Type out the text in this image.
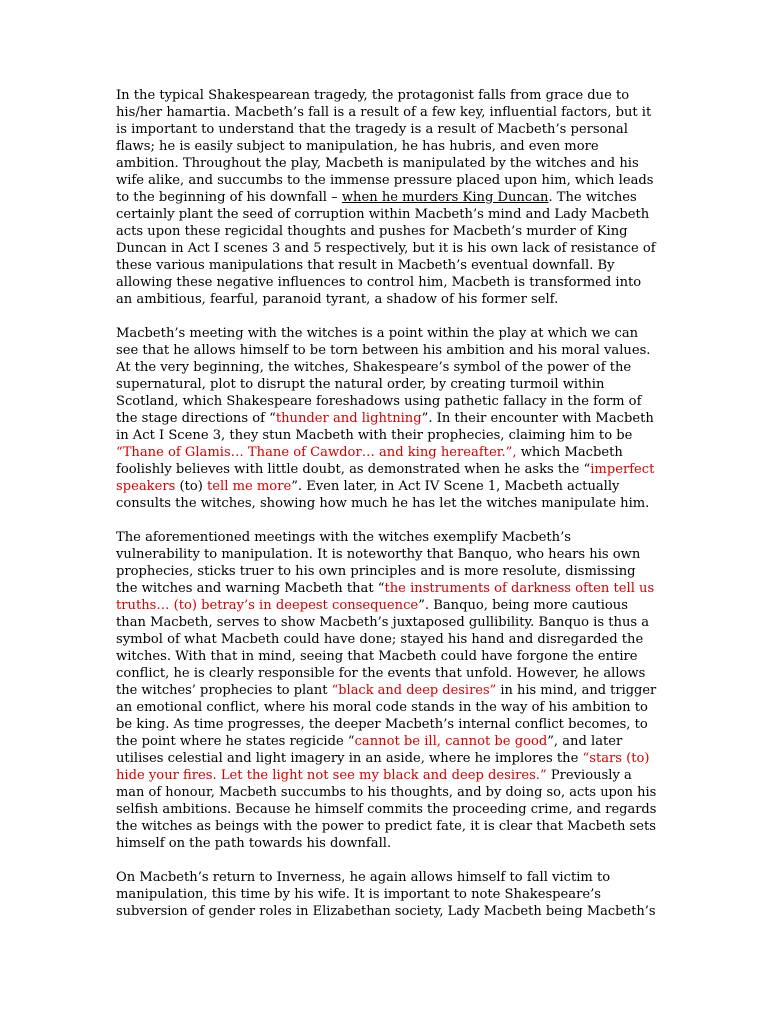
In the typical Shakespearean tragedy, the protagonist falls from grace due to
his/her hamartia. Macbeth’s fall is a result of a few key, influential factors, but it
is important to understand that the tragedy is a result of Macbeth’s personal
flaws; he is easily subject to manipulation, he has hubris, and even more
ambition. Throughout the play, Macbeth is manipulated by the witches and his
wife alike, and succumbs to the immense pressure placed upon him, which leads
to the beginning of his downfall – when he murders King Duncan. The witches
certainly plant the seed of corruption within Macbeth’s mind and Lady Macbeth
acts upon these regicidal thoughts and pushes for Macbeth’s murder of King
Duncan in Act I scenes 3 and 5 respectively, but it is his own lack of resistance of
these various manipulations that result in Macbeth’s eventual downfall. By
allowing these negative influences to control him, Macbeth is transformed into
an ambitious, fearful, paranoid tyrant, a shadow of his former self.
Macbeth’s meeting with the witches is a point within the play at which we can
see that he allows himself to be torn between his ambition and his moral values.
At the very beginning, the witches, Shakespeare’s symbol of the power of the
supernatural, plot to disrupt the natural order, by creating turmoil within
Scotland, which Shakespeare foreshadows using pathetic fallacy in the form of
the stage directions of “thunder and lightning”. In their encounter with Macbeth
in Act I Scene 3, they stun Macbeth with their prophecies, claiming him to be
“Thane of Glamis… Thane of Cawdor… and king hereafter.”, which Macbeth
foolishly believes with little doubt, as demonstrated when he asks the “imperfect
speakers (to) tell me more”. Even later, in Act IV Scene 1, Macbeth actually
consults the witches, showing how much he has let the witches manipulate him.
The aforementioned meetings with the witches exemplify Macbeth’s
vulnerability to manipulation. It is noteworthy that Banquo, who hears his own
prophecies, sticks truer to his own principles and is more resolute, dismissing
the witches and warning Macbeth that “the instruments of darkness often tell us
truths… (to) betray’s in deepest consequence”. Banquo, being more cautious
than Macbeth, serves to show Macbeth’s juxtaposed gullibility. Banquo is thus a
symbol of what Macbeth could have done; stayed his hand and disregarded the
witches. With that in mind, seeing that Macbeth could have forgone the entire
conflict, he is clearly responsible for the events that unfold. However, he allows
the witches’ prophecies to plant “black and deep desires” in his mind, and trigger
an emotional conflict, where his moral code stands in the way of his ambition to
be king. As time progresses, the deeper Macbeth’s internal conflict becomes, to
the point where he states regicide “cannot be ill, cannot be good”, and later
utilises celestial and light imagery in an aside, where he implores the “stars (to)
hide your fires. Let the light not see my black and deep desires.” Previously a
man of honour, Macbeth succumbs to his thoughts, and by doing so, acts upon his
selfish ambitions. Because he himself commits the proceeding crime, and regards
the witches as beings with the power to predict fate, it is clear that Macbeth sets
himself on the path towards his downfall.
On Macbeth’s return to Inverness, he again allows himself to fall victim to
manipulation, this time by his wife. It is important to note Shakespeare’s
subversion of gender roles in Elizabethan society, Lady Macbeth being Macbeth’s
